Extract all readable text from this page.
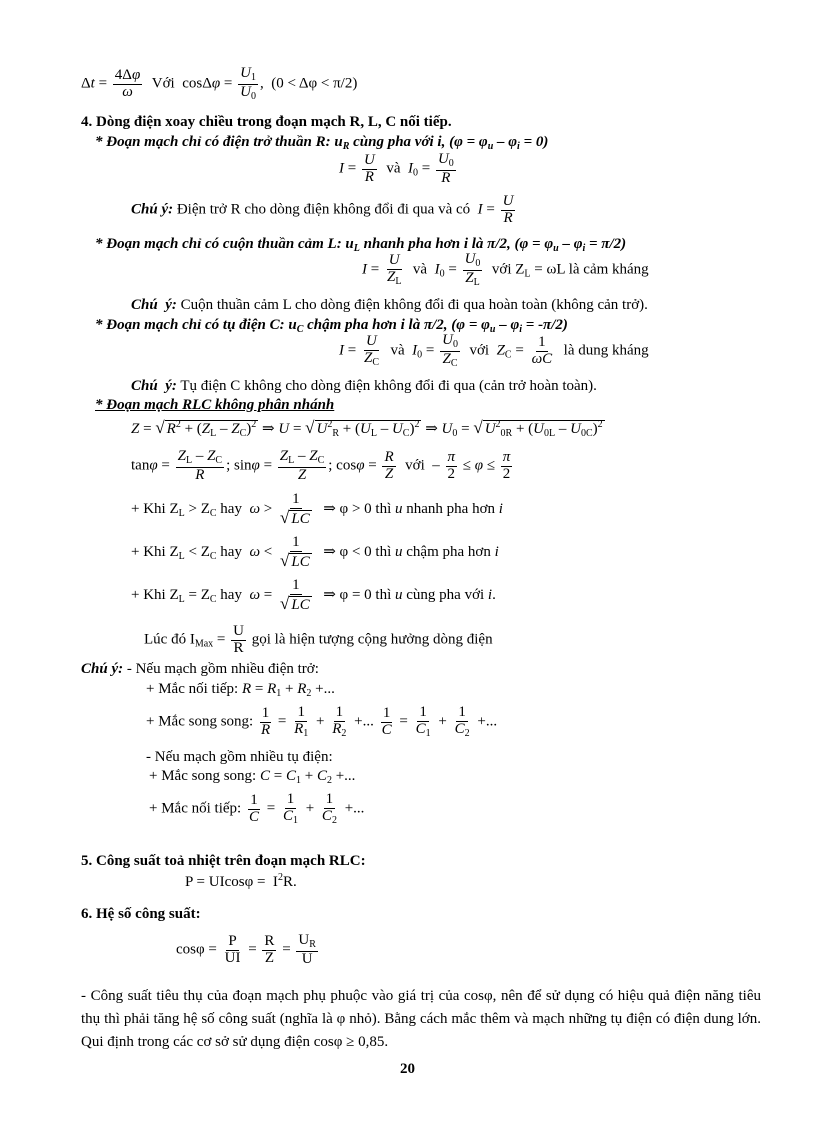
$\Delta t = \frac{4\Delta\varphi}{\omega}$ Với  $\cos\Delta\varphi = \frac{U_1}{U_0}$ ,  (0 < Δφ < π/2)
4. Dòng điện xoay chiều trong đoạn mạch R, L, C nối tiếp.
* Đoạn mạch chỉ có điện trở thuần R: $u_R$ cùng pha với i, $(\varphi = \varphi_u - \varphi_i = 0)$
$I = \frac{U}{R}$ và  $I_0 = \frac{U_0}{R}$
Chú ý: Điện trở R cho dòng điện không đổi đi qua và có  $I = \frac{U}{R}$
* Đoạn mạch chỉ có cuộn thuần cảm L: $u_L$ nhanh pha hơn i là π/2, $(\varphi = \varphi_u - \varphi_i = \pi/2)$
$I = \frac{U}{Z_L}$ và  $I_0 = \frac{U_0}{Z_L}$ với $Z_L = \omega L$ là cảm kháng
Chú  ý: Cuộn thuần cảm L cho dòng điện không đổi đi qua hoàn toàn (không cản trở).
* Đoạn mạch chỉ có tụ điện C: $u_C$ chậm pha hơn i là π/2, $(\varphi = \varphi_u - \varphi_i = -\pi/2)$
$I = \frac{U}{Z_C}$ và  $I_0 = \frac{U_0}{Z_C}$ với  $Z_C = \frac{1}{\omega C}$ là dung kháng
Chú  ý: Tụ điện C không cho dòng điện không đổi đi qua (cản trở hoàn toàn).
* Đoạn mạch RLC không phân nhánh
Z = √ $R^2 + (Z_L - Z_C)^2$ ⇒ U = √ $U^2_R + (U_L - U_C)^2$ ⇒ $U_0$ = √ $U^2_{0R} + (U_{0L} - U_{0C})^2$
$\tan\varphi = \frac{Z_L - Z_C}{R}$ ; $\sin\varphi = \frac{Z_L - Z_C}{Z}$ ; $\cos\varphi = \frac{R}{Z}$ với  – $\frac{\pi}{2} \le \varphi \le \frac{\pi}{2}$
+ Khi $Z_L > Z_C$ hay  $\omega > \frac{1}{√ LC}$ ⇒ φ > 0 thì u nhanh pha hơn i
+ Khi $Z_L < Z_C$ hay  $\omega < \frac{1}{√ LC}$ ⇒ φ < 0 thì u chậm pha hơn i
+ Khi $Z_L = Z_C$ hay  $\omega = \frac{1}{√ LC}$ ⇒ φ = 0 thì u cùng pha với i.
Lúc đó $I_{Max} = \frac{U}{R}$ gọi là hiện tượng cộng hưởng dòng điện
Chú ý: - Nếu mạch gồm nhiều điện trở:
+ Mắc nối tiếp: $R = R_1 + R_2$ +...
+ Mắc song song: $\frac{1}{R} = \frac{1}{R_1} + \frac{1}{R_2}$ +... $\frac{1}{C} = \frac{1}{C_1} + \frac{1}{C_2}$ +...
- Nếu mạch gồm nhiều tụ điện:
+ Mắc song song: $C = C_1 + C_2$ +...
+ Mắc nối tiếp: $\frac{1}{C} = \frac{1}{C_1} + \frac{1}{C_2}$ +...
5. Công suất toả nhiệt trên đoạn mạch RLC:
$P = UIcos\varphi = I^2R$.
6. Hệ số công suất:
$\cos\varphi = \frac{P}{UI} = \frac{R}{Z} = \frac{U_R}{U}$
- Công suất tiêu thụ của đoạn mạch phụ phuộc vào giá trị của cosφ, nên để sử dụng có hiệu quả điện năng tiêu thụ thì phải tăng hệ số công suất (nghĩa là φ nhỏ). Bằng cách mắc thêm và mạch những tụ điện có điện dung lớn. Qui định trong các cơ sở sử dụng điện cosφ ≥ 0,85.
20
